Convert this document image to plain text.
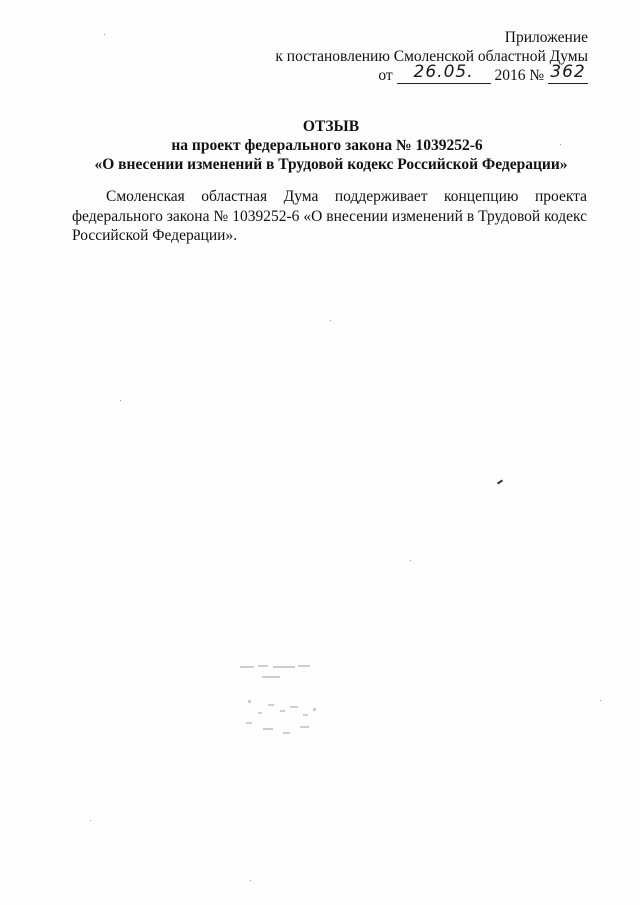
Приложение
к постановлению Смоленской областной Думы
от 26.05. 2016 № 362
ОТЗЫВ
на проект федерального закона № 1039252-6
«О внесении изменений в Трудовой кодекс Российской Федерации»
Смоленская областная Дума поддерживает концепцию проекта федерального закона № 1039252-6 «О внесении изменений в Трудовой кодекс Российской Федерации».
